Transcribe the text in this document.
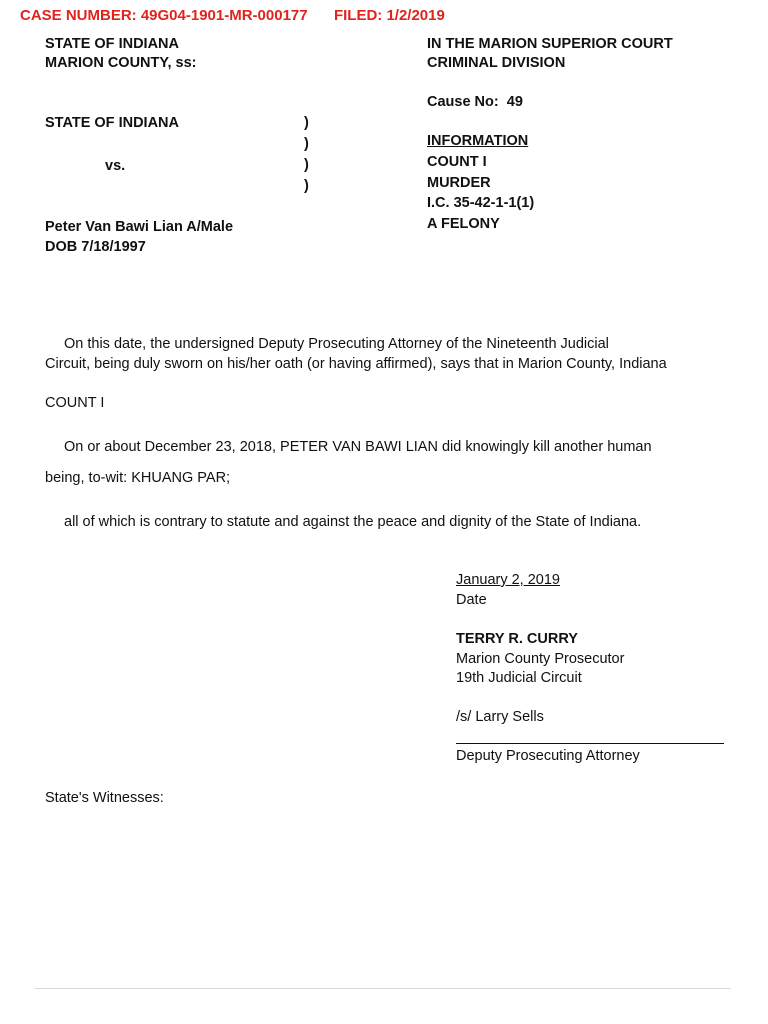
CASE NUMBER: 49G04-1901-MR-000177 FILED: 1/2/2019
STATE OF INDIANA
MARION COUNTY, ss:
IN THE MARION SUPERIOR COURT
CRIMINAL DIVISION
Cause No: 49
STATE OF INDIANA
vs.
)
)
)
)
Peter Van Bawi Lian A/Male
DOB 7/18/1997
INFORMATION
COUNT I
MURDER
I.C. 35-42-1-1(1)
A FELONY
On this date, the undersigned Deputy Prosecuting Attorney of the Nineteenth Judicial
Circuit, being duly sworn on his/her oath (or having affirmed), says that in Marion County, Indiana
COUNT I
On or about December 23, 2018, PETER VAN BAWI LIAN did knowingly kill another human
being, to-wit: KHUANG PAR;
all of which is contrary to statute and against the peace and dignity of the State of Indiana.
January 2, 2019
Date
TERRY R. CURRY
Marion County Prosecutor
19th Judicial Circuit
/s/ Larry Sells
Deputy Prosecuting Attorney
State's Witnesses:
